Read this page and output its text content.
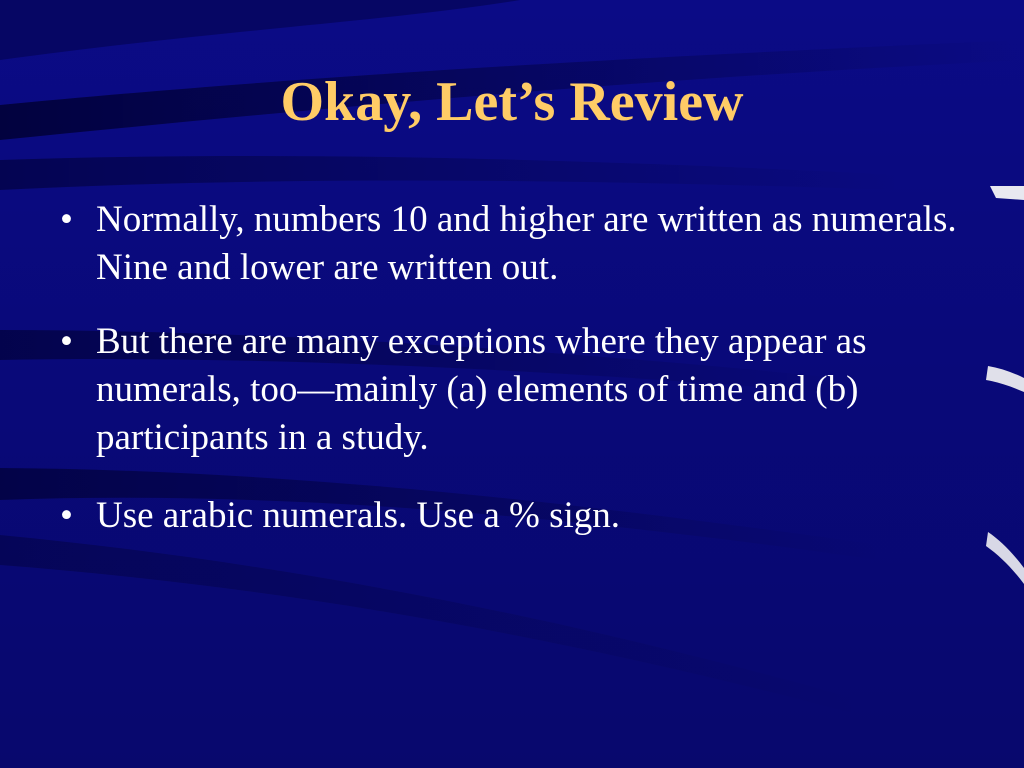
Okay, Let’s Review
• Normally, numbers 10 and higher are written as numerals. Nine and lower are written out.
• But there are many exceptions where they appear as numerals, too—mainly (a) elements of time and (b) participants in a study.
• Use arabic numerals. Use a % sign.
